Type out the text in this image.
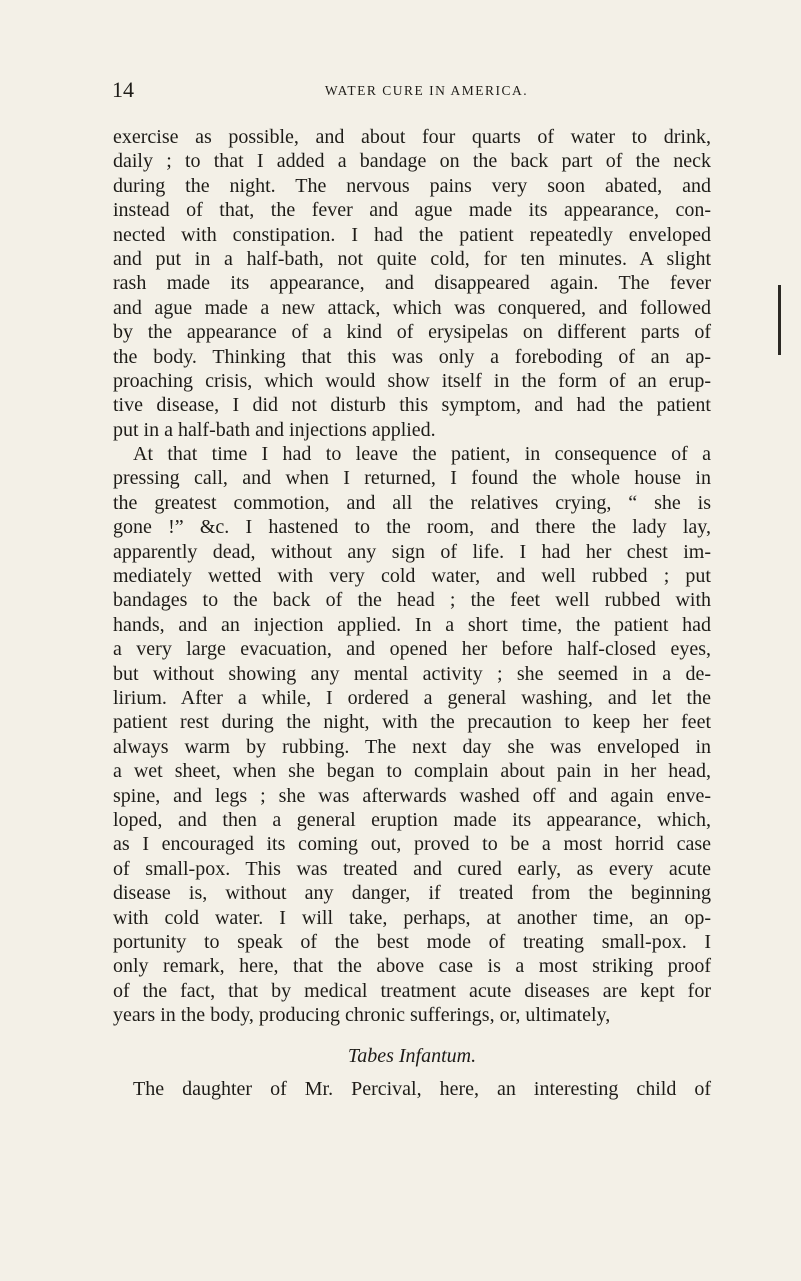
14	WATER CURE IN AMERICA.
exercise as possible, and about four quarts of water to drink,
daily ; to that I added a bandage on the back part of the neck
during the night. The nervous pains very soon abated, and
instead of that, the fever and ague made its appearance, con-
nected with constipation. I had the patient repeatedly enveloped
and put in a half-bath, not quite cold, for ten minutes. A slight
rash made its appearance, and disappeared again. The fever
and ague made a new attack, which was conquered, and followed
by the appearance of a kind of erysipelas on different parts of
the body. Thinking that this was only a foreboding of an ap-
proaching crisis, which would show itself in the form of an erup-
tive disease, I did not disturb this symptom, and had the patient
put in a half-bath and injections applied.
At that time I had to leave the patient, in consequence of a
pressing call, and when I returned, I found the whole house in
the greatest commotion, and all the relatives crying, “ she is
gone !” &c. I hastened to the room, and there the lady lay,
apparently dead, without any sign of life. I had her chest im-
mediately wetted with very cold water, and well rubbed ; put
bandages to the back of the head ; the feet well rubbed with
hands, and an injection applied. In a short time, the patient had
a very large evacuation, and opened her before half-closed eyes,
but without showing any mental activity ; she seemed in a de-
lirium. After a while, I ordered a general washing, and let the
patient rest during the night, with the precaution to keep her feet
always warm by rubbing. The next day she was enveloped in
a wet sheet, when she began to complain about pain in her head,
spine, and legs ; she was afterwards washed off and again enve-
loped, and then a general eruption made its appearance, which,
as I encouraged its coming out, proved to be a most horrid case
of small-pox. This was treated and cured early, as every acute
disease is, without any danger, if treated from the beginning
with cold water. I will take, perhaps, at another time, an op-
portunity to speak of the best mode of treating small-pox. I
only remark, here, that the above case is a most striking proof
of the fact, that by medical treatment acute diseases are kept for
years in the body, producing chronic sufferings, or, ultimately,
Tabes Infantum.
The daughter of Mr. Percival, here, an interesting child of
